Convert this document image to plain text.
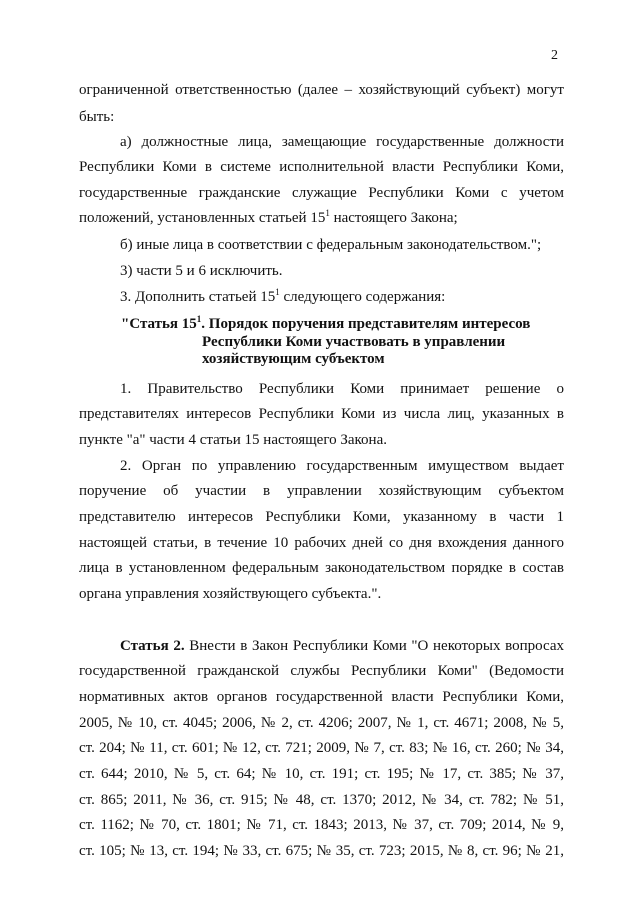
2
ограниченной ответственностью (далее – хозяйствующий субъект) могут
быть:
а) должностные лица, замещающие государственные должности
Республики Коми в системе исполнительной власти Республики Коми,
государственные гражданские служащие Республики Коми с учетом
положений, установленных статьей $15^1$ настоящего Закона;
б) иные лица в соответствии с федеральным законодательством.";
3) части 5 и 6 исключить.
3. Дополнить статьей $15^1$ следующего содержания:
"Статья $15^1$. Порядок поручения представителям интересов
Республики Коми участвовать в управлении
хозяйствующим субъектом
1. Правительство Республики Коми принимает решение о
представителях интересов Республики Коми из числа лиц, указанных в
пункте "а" части 4 статьи 15 настоящего Закона.
2. Орган по управлению государственным имуществом выдает
поручение об участии в управлении хозяйствующим субъектом
представителю интересов Республики Коми, указанному в части 1
настоящей статьи, в течение 10 рабочих дней со дня вхождения данного
лица в установленном федеральным законодательством порядке в состав
органа управления хозяйствующего субъекта.".
Статья 2. Внести в Закон Республики Коми "О некоторых вопросах
государственной гражданской службы Республики Коми" (Ведомости
нормативных актов органов государственной власти Республики Коми,
2005, № 10, ст. 4045; 2006, № 2, ст. 4206; 2007, № 1, ст. 4671; 2008, № 5,
ст. 204; № 11, ст. 601; № 12, ст. 721; 2009, № 7, ст. 83; № 16, ст. 260; № 34,
ст. 644; 2010, № 5, ст. 64; № 10, ст. 191; ст. 195; № 17, ст. 385; № 37,
ст. 865; 2011, № 36, ст. 915; № 48, ст. 1370; 2012, № 34, ст. 782; № 51,
ст. 1162; № 70, ст. 1801; № 71, ст. 1843; 2013, № 37, ст. 709; 2014, № 9,
ст. 105; № 13, ст. 194; № 33, ст. 675; № 35, ст. 723; 2015, № 8, ст. 96; № 21,
